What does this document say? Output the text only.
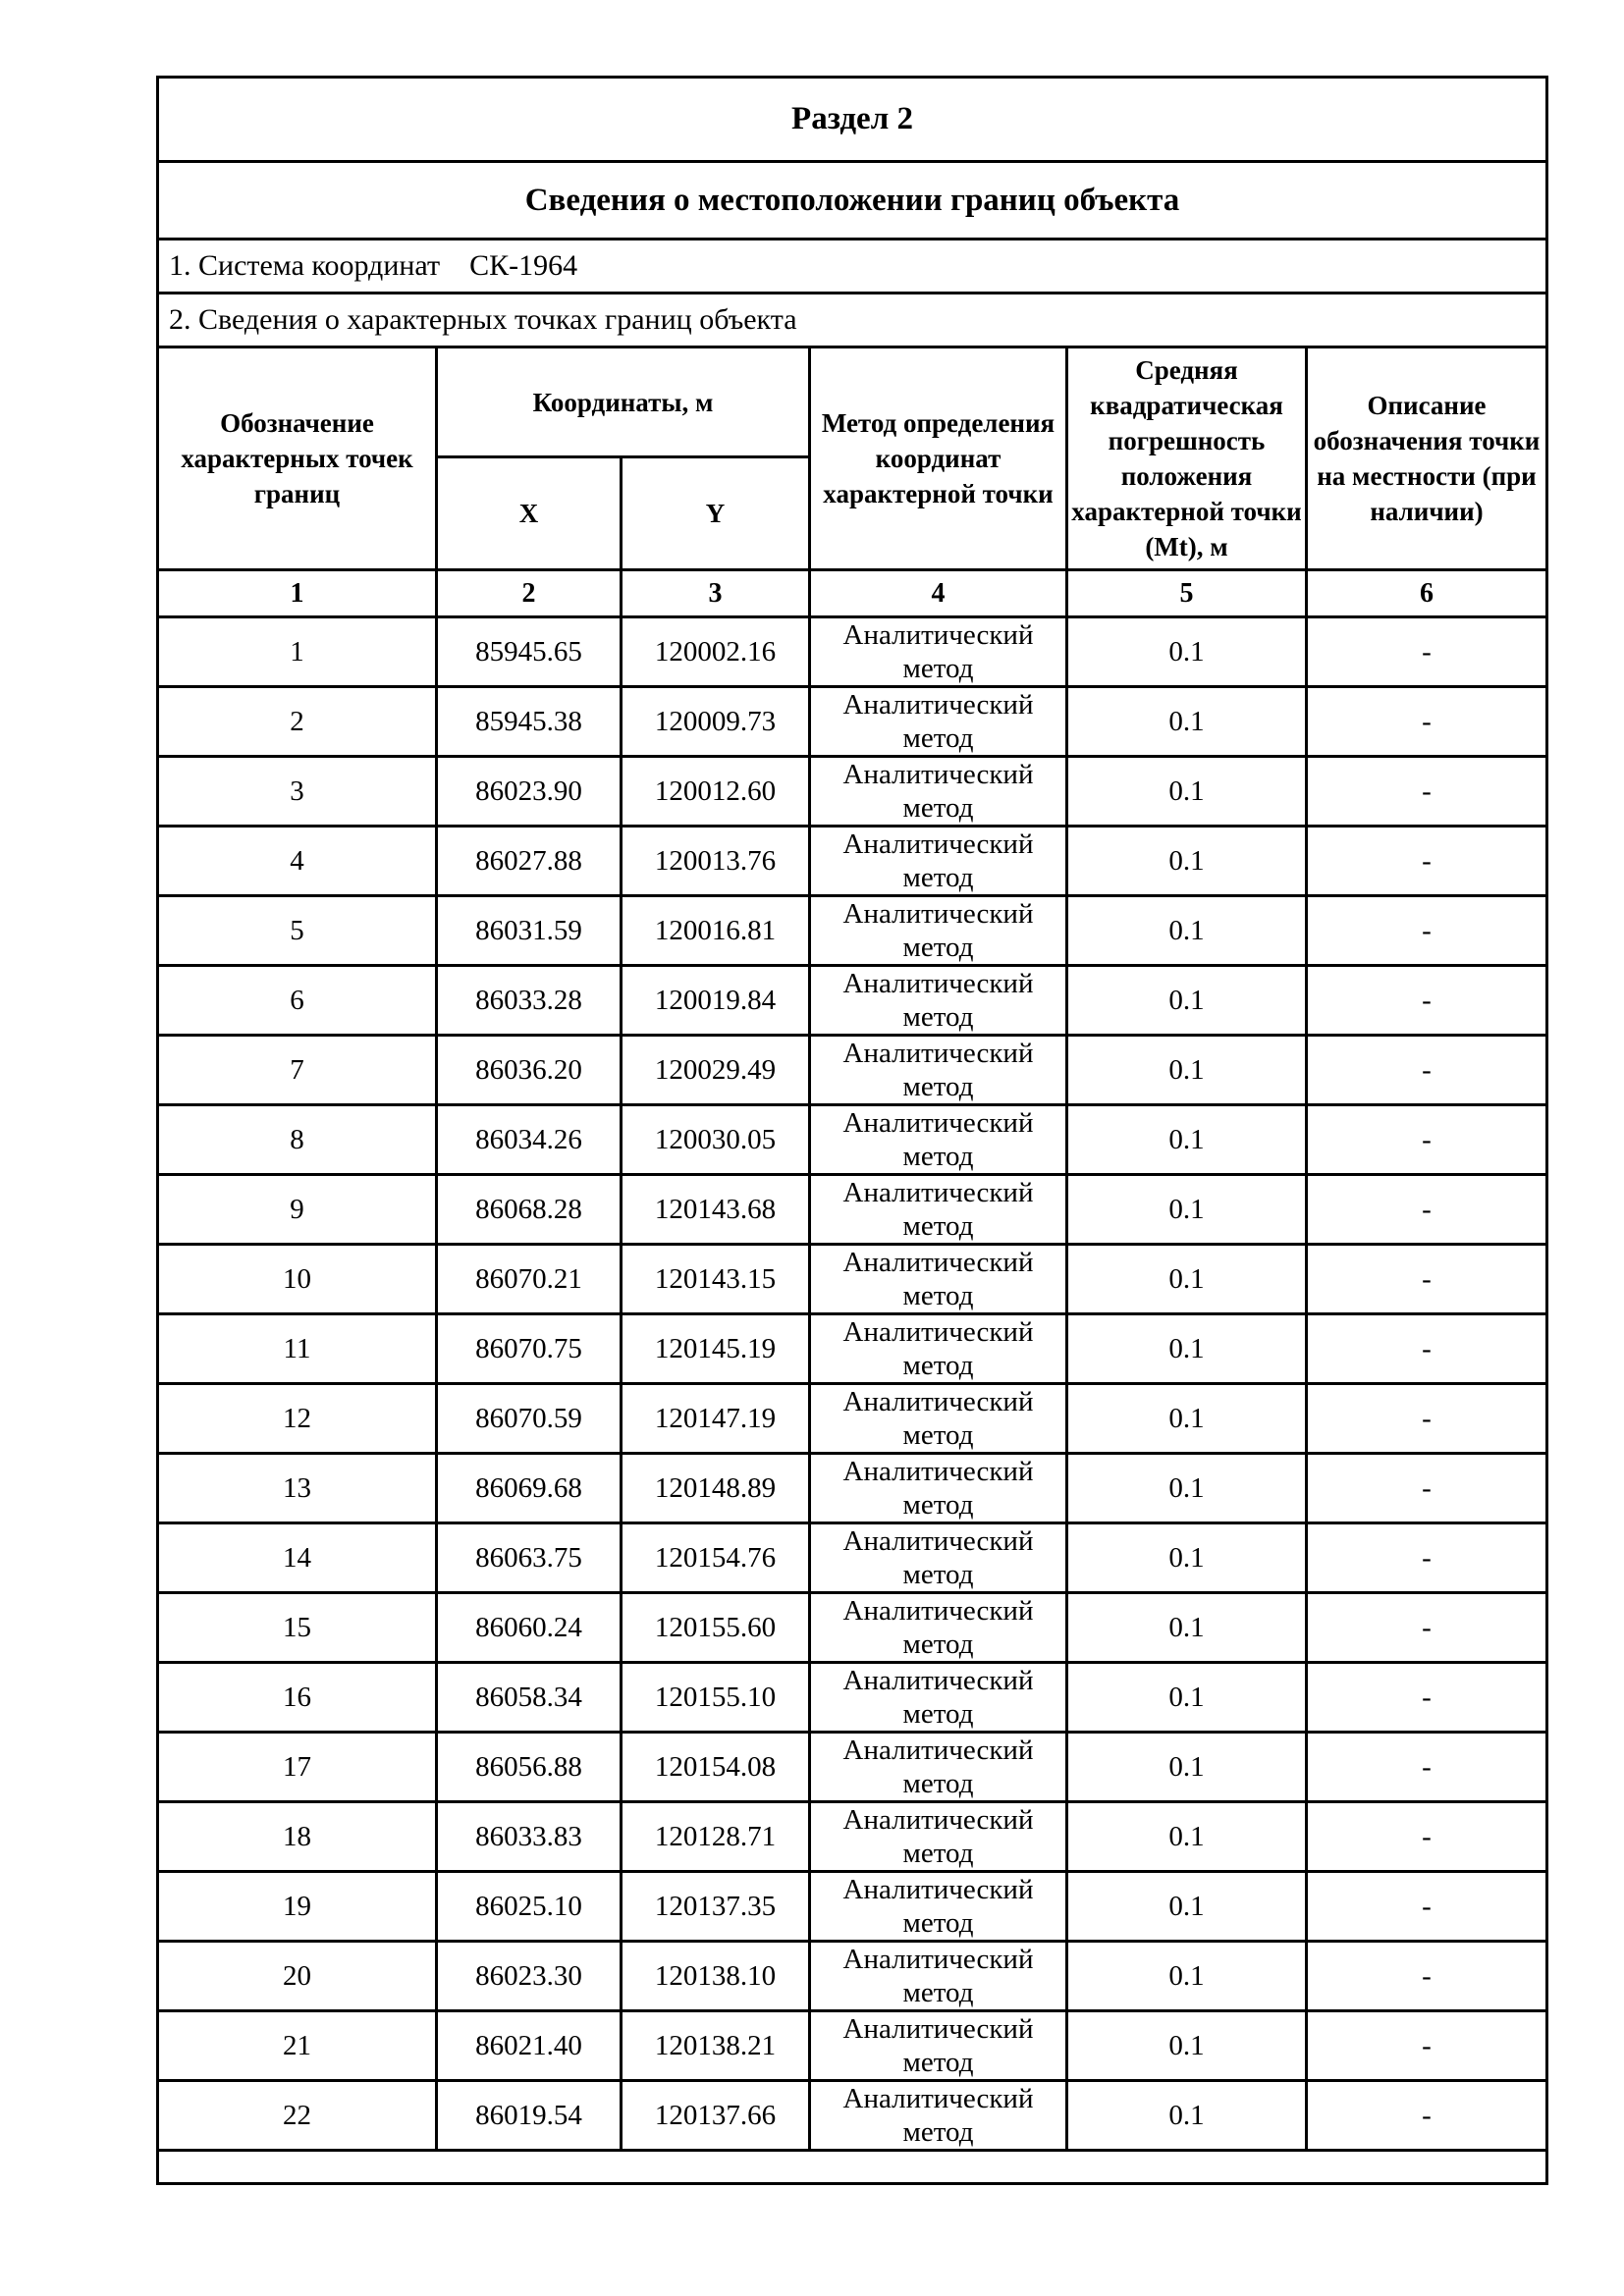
Раздел 2					
Сведения о местоположении границ объекта					
1. Система координат СК-1964					
2. Сведения о характерных точках границ объекта					
Обозначение характерных точек границ	Координаты, м		Метод определения координат характерной точки	Средняя квадратическая погрешность положения характерной точки (Mt), м	Описание обозначения точки на местности (при наличии)
	X	Y			
1	2	3	4	5	6
1	85945.65	120002.16	Аналитический метод	0.1	-
2	85945.38	120009.73	Аналитический метод	0.1	-
3	86023.90	120012.60	Аналитический метод	0.1	-
4	86027.88	120013.76	Аналитический метод	0.1	-
5	86031.59	120016.81	Аналитический метод	0.1	-
6	86033.28	120019.84	Аналитический метод	0.1	-
7	86036.20	120029.49	Аналитический метод	0.1	-
8	86034.26	120030.05	Аналитический метод	0.1	-
9	86068.28	120143.68	Аналитический метод	0.1	-
10	86070.21	120143.15	Аналитический метод	0.1	-
11	86070.75	120145.19	Аналитический метод	0.1	-
12	86070.59	120147.19	Аналитический метод	0.1	-
13	86069.68	120148.89	Аналитический метод	0.1	-
14	86063.75	120154.76	Аналитический метод	0.1	-
15	86060.24	120155.60	Аналитический метод	0.1	-
16	86058.34	120155.10	Аналитический метод	0.1	-
17	86056.88	120154.08	Аналитический метод	0.1	-
18	86033.83	120128.71	Аналитический метод	0.1	-
19	86025.10	120137.35	Аналитический метод	0.1	-
20	86023.30	120138.10	Аналитический метод	0.1	-
21	86021.40	120138.21	Аналитический метод	0.1	-
22	86019.54	120137.66	Аналитический метод	0.1	-
